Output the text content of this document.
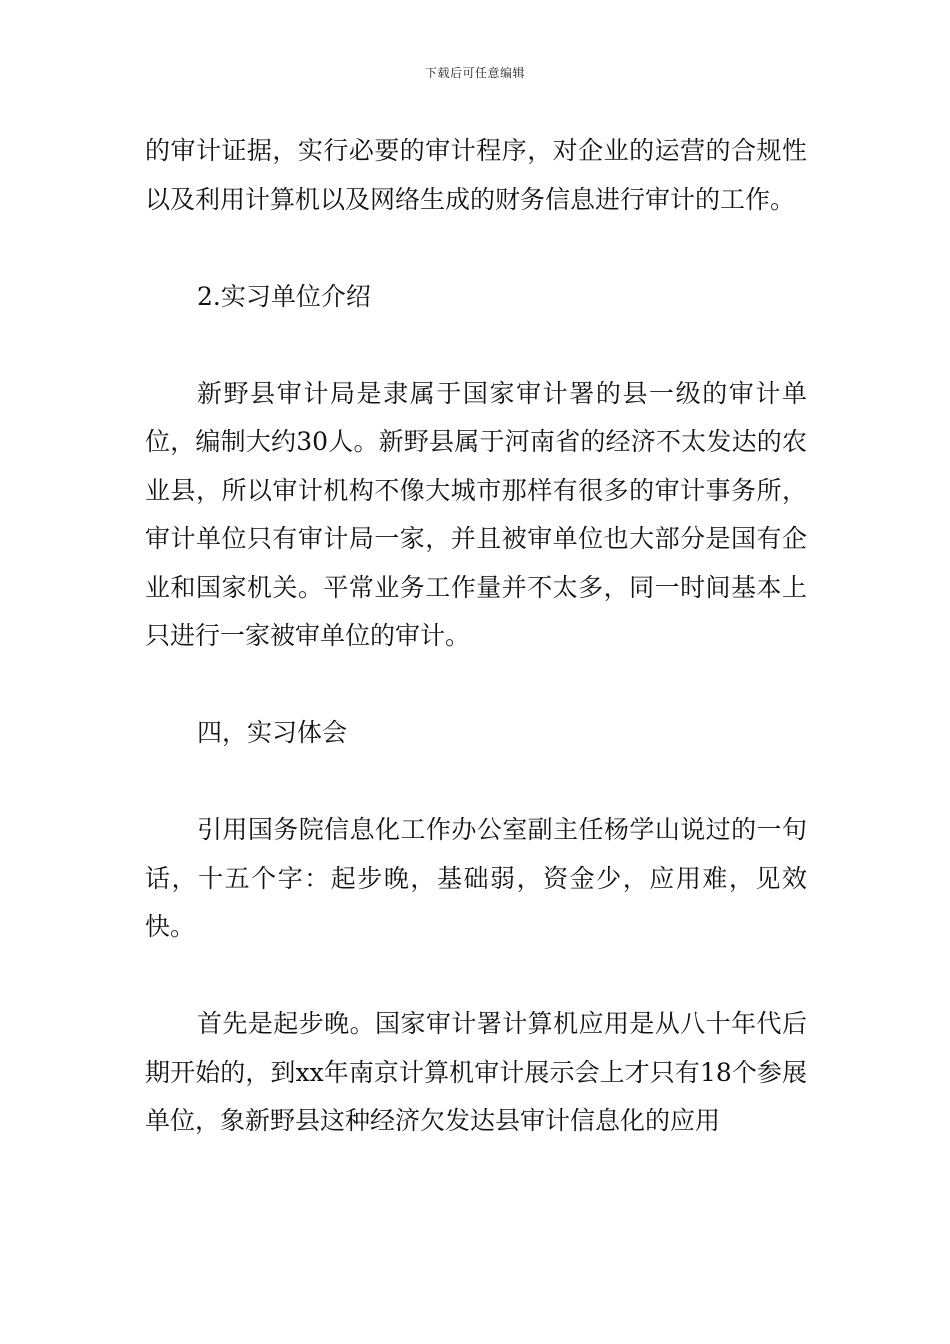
下载后可任意编辑

的审计证据，实行必要的审计程序，对企业的运营的合规性以及利用计算机以及网络生成的财务信息进行审计的工作。

2.实习单位介绍

新野县审计局是隶属于国家审计署的县一级的审计单位，编制大约30人。新野县属于河南省的经济不太发达的农业县，所以审计机构不像大城市那样有很多的审计事务所，审计单位只有审计局一家，并且被审单位也大部分是国有企业和国家机关。平常业务工作量并不太多，同一时间基本上只进行一家被审单位的审计。

四，实习体会

引用国务院信息化工作办公室副主任杨学山说过的一句话，十五个字：起步晚，基础弱，资金少，应用难，见效快。

首先是起步晚。国家审计署计算机应用是从八十年代后期开始的，到xx年南京计算机审计展示会上才只有18个参展单位，象新野县这种经济欠发达县审计信息化的应用
